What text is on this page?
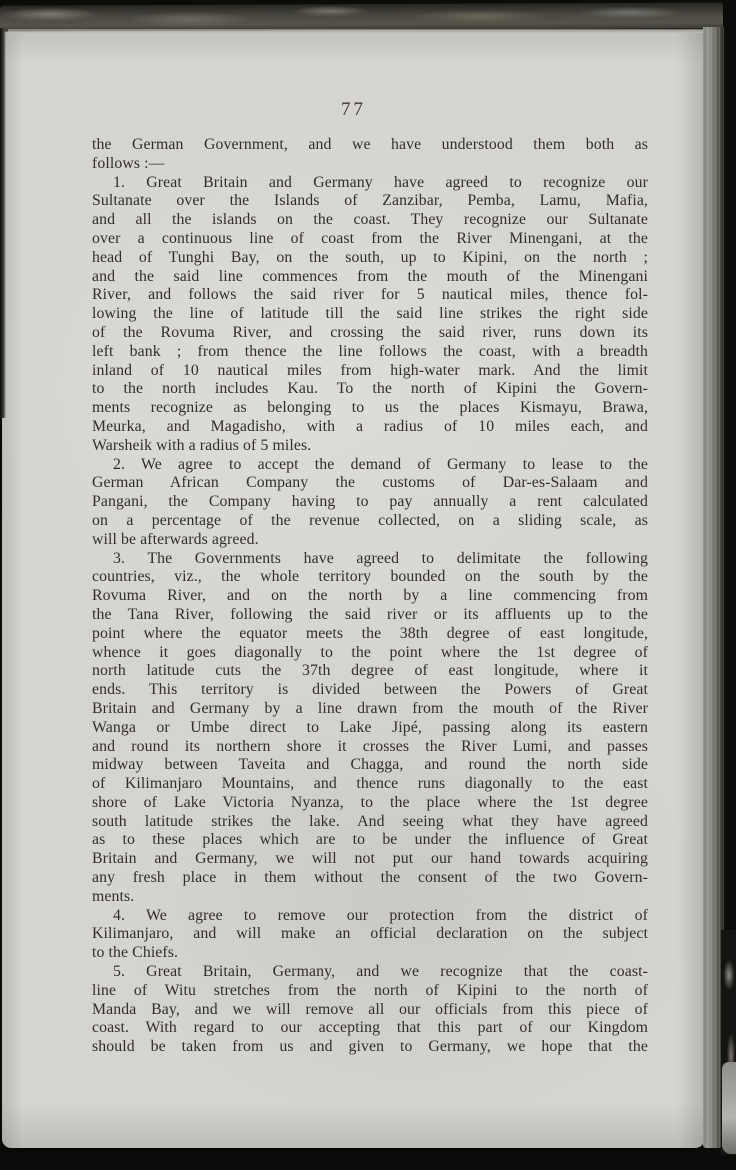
77
the German Government, and we have understood them both as
follows :—
1. Great Britain and Germany have agreed to recognize our
Sultanate over the Islands of Zanzibar, Pemba, Lamu, Mafia,
and all the islands on the coast. They recognize our Sultanate
over a continuous line of coast from the River Minengani, at the
head of Tunghi Bay, on the south, up to Kipini, on the north ;
and the said line commences from the mouth of the Minengani
River, and follows the said river for 5 nautical miles, thence fol-
lowing the line of latitude till the said line strikes the right side
of the Rovuma River, and crossing the said river, runs down its
left bank ; from thence the line follows the coast, with a breadth
inland of 10 nautical miles from high-water mark. And the limit
to the north includes Kau. To the north of Kipini the Govern-
ments recognize as belonging to us the places Kismayu, Brawa,
Meurka, and Magadisho, with a radius of 10 miles each, and
Warsheik with a radius of 5 miles.
2. We agree to accept the demand of Germany to lease to the
German African Company the customs of Dar-es-Salaam and
Pangani, the Company having to pay annually a rent calculated
on a percentage of the revenue collected, on a sliding scale, as
will be afterwards agreed.
3. The Governments have agreed to delimitate the following
countries, viz., the whole territory bounded on the south by the
Rovuma River, and on the north by a line commencing from
the Tana River, following the said river or its affluents up to the
point where the equator meets the 38th degree of east longitude,
whence it goes diagonally to the point where the 1st degree of
north latitude cuts the 37th degree of east longitude, where it
ends. This territory is divided between the Powers of Great
Britain and Germany by a line drawn from the mouth of the River
Wanga or Umbe direct to Lake Jipé, passing along its eastern
and round its northern shore it crosses the River Lumi, and passes
midway between Taveita and Chagga, and round the north side
of Kilimanjaro Mountains, and thence runs diagonally to the east
shore of Lake Victoria Nyanza, to the place where the 1st degree
south latitude strikes the lake. And seeing what they have agreed
as to these places which are to be under the influence of Great
Britain and Germany, we will not put our hand towards acquiring
any fresh place in them without the consent of the two Govern-
ments.
4. We agree to remove our protection from the district of
Kilimanjaro, and will make an official declaration on the subject
to the Chiefs.
5. Great Britain, Germany, and we recognize that the coast-
line of Witu stretches from the north of Kipini to the north of
Manda Bay, and we will remove all our officials from this piece of
coast. With regard to our accepting that this part of our Kingdom
should be taken from us and given to Germany, we hope that the
